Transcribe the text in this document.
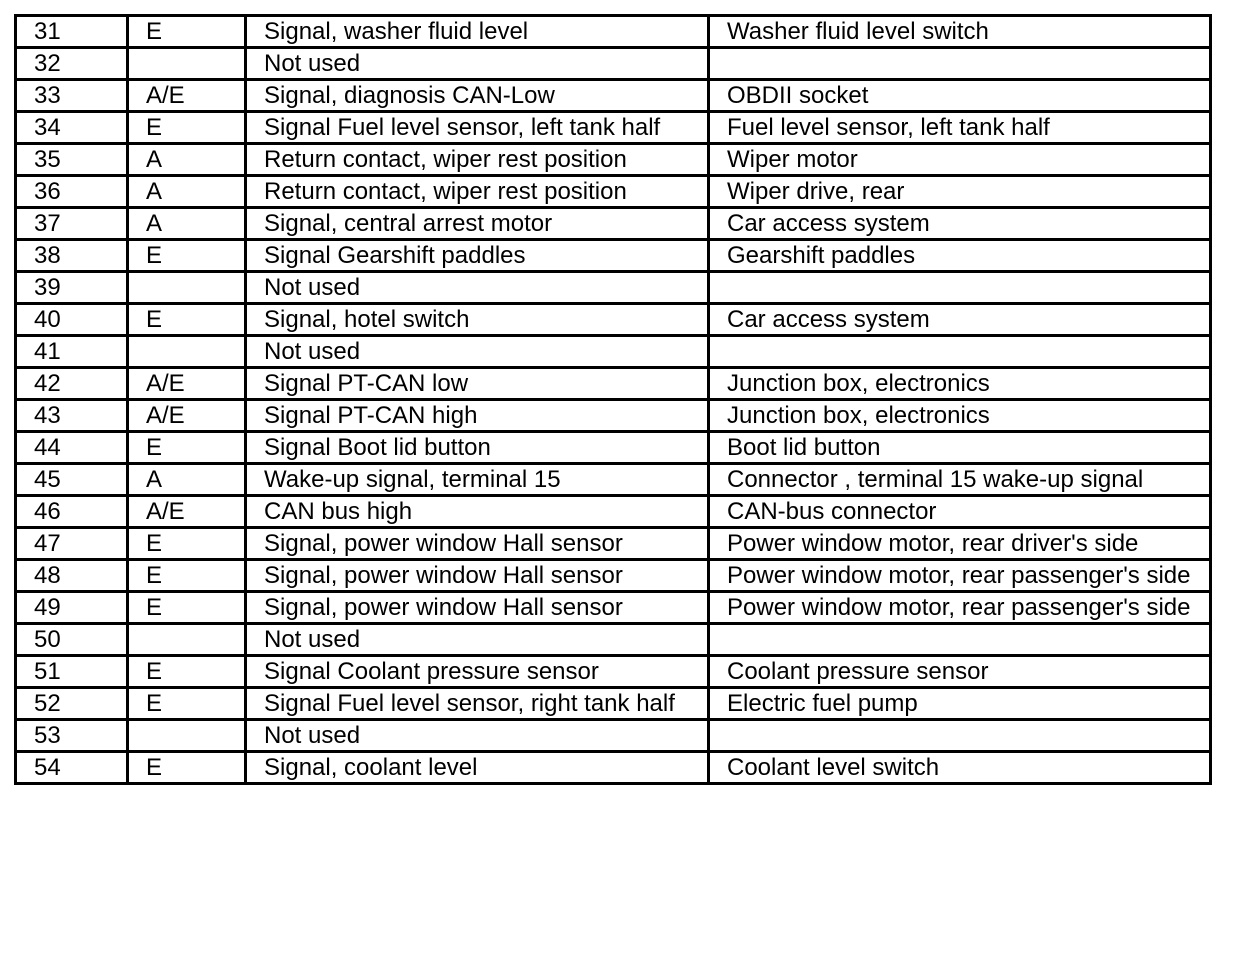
31	E	Signal, washer fluid level	Washer fluid level switch
32		Not used	
33	A/E	Signal, diagnosis CAN-Low	OBDII socket
34	E	Signal Fuel level sensor, left tank half	Fuel level sensor, left tank half
35	A	Return contact, wiper rest position	Wiper motor
36	A	Return contact, wiper rest position	Wiper drive, rear
37	A	Signal, central arrest motor	Car access system
38	E	Signal Gearshift paddles	Gearshift paddles
39		Not used	
40	E	Signal, hotel switch	Car access system
41		Not used	
42	A/E	Signal PT-CAN low	Junction box, electronics
43	A/E	Signal PT-CAN high	Junction box, electronics
44	E	Signal Boot lid button	Boot lid button
45	A	Wake-up signal, terminal 15	Connector , terminal 15 wake-up signal
46	A/E	CAN bus high	CAN-bus connector
47	E	Signal, power window Hall sensor	Power window motor, rear driver's side
48	E	Signal, power window Hall sensor	Power window motor, rear passenger's side
49	E	Signal, power window Hall sensor	Power window motor, rear passenger's side
50		Not used	
51	E	Signal Coolant pressure sensor	Coolant pressure sensor
52	E	Signal Fuel level sensor, right tank half	Electric fuel pump
53		Not used	
54	E	Signal, coolant level	Coolant level switch
